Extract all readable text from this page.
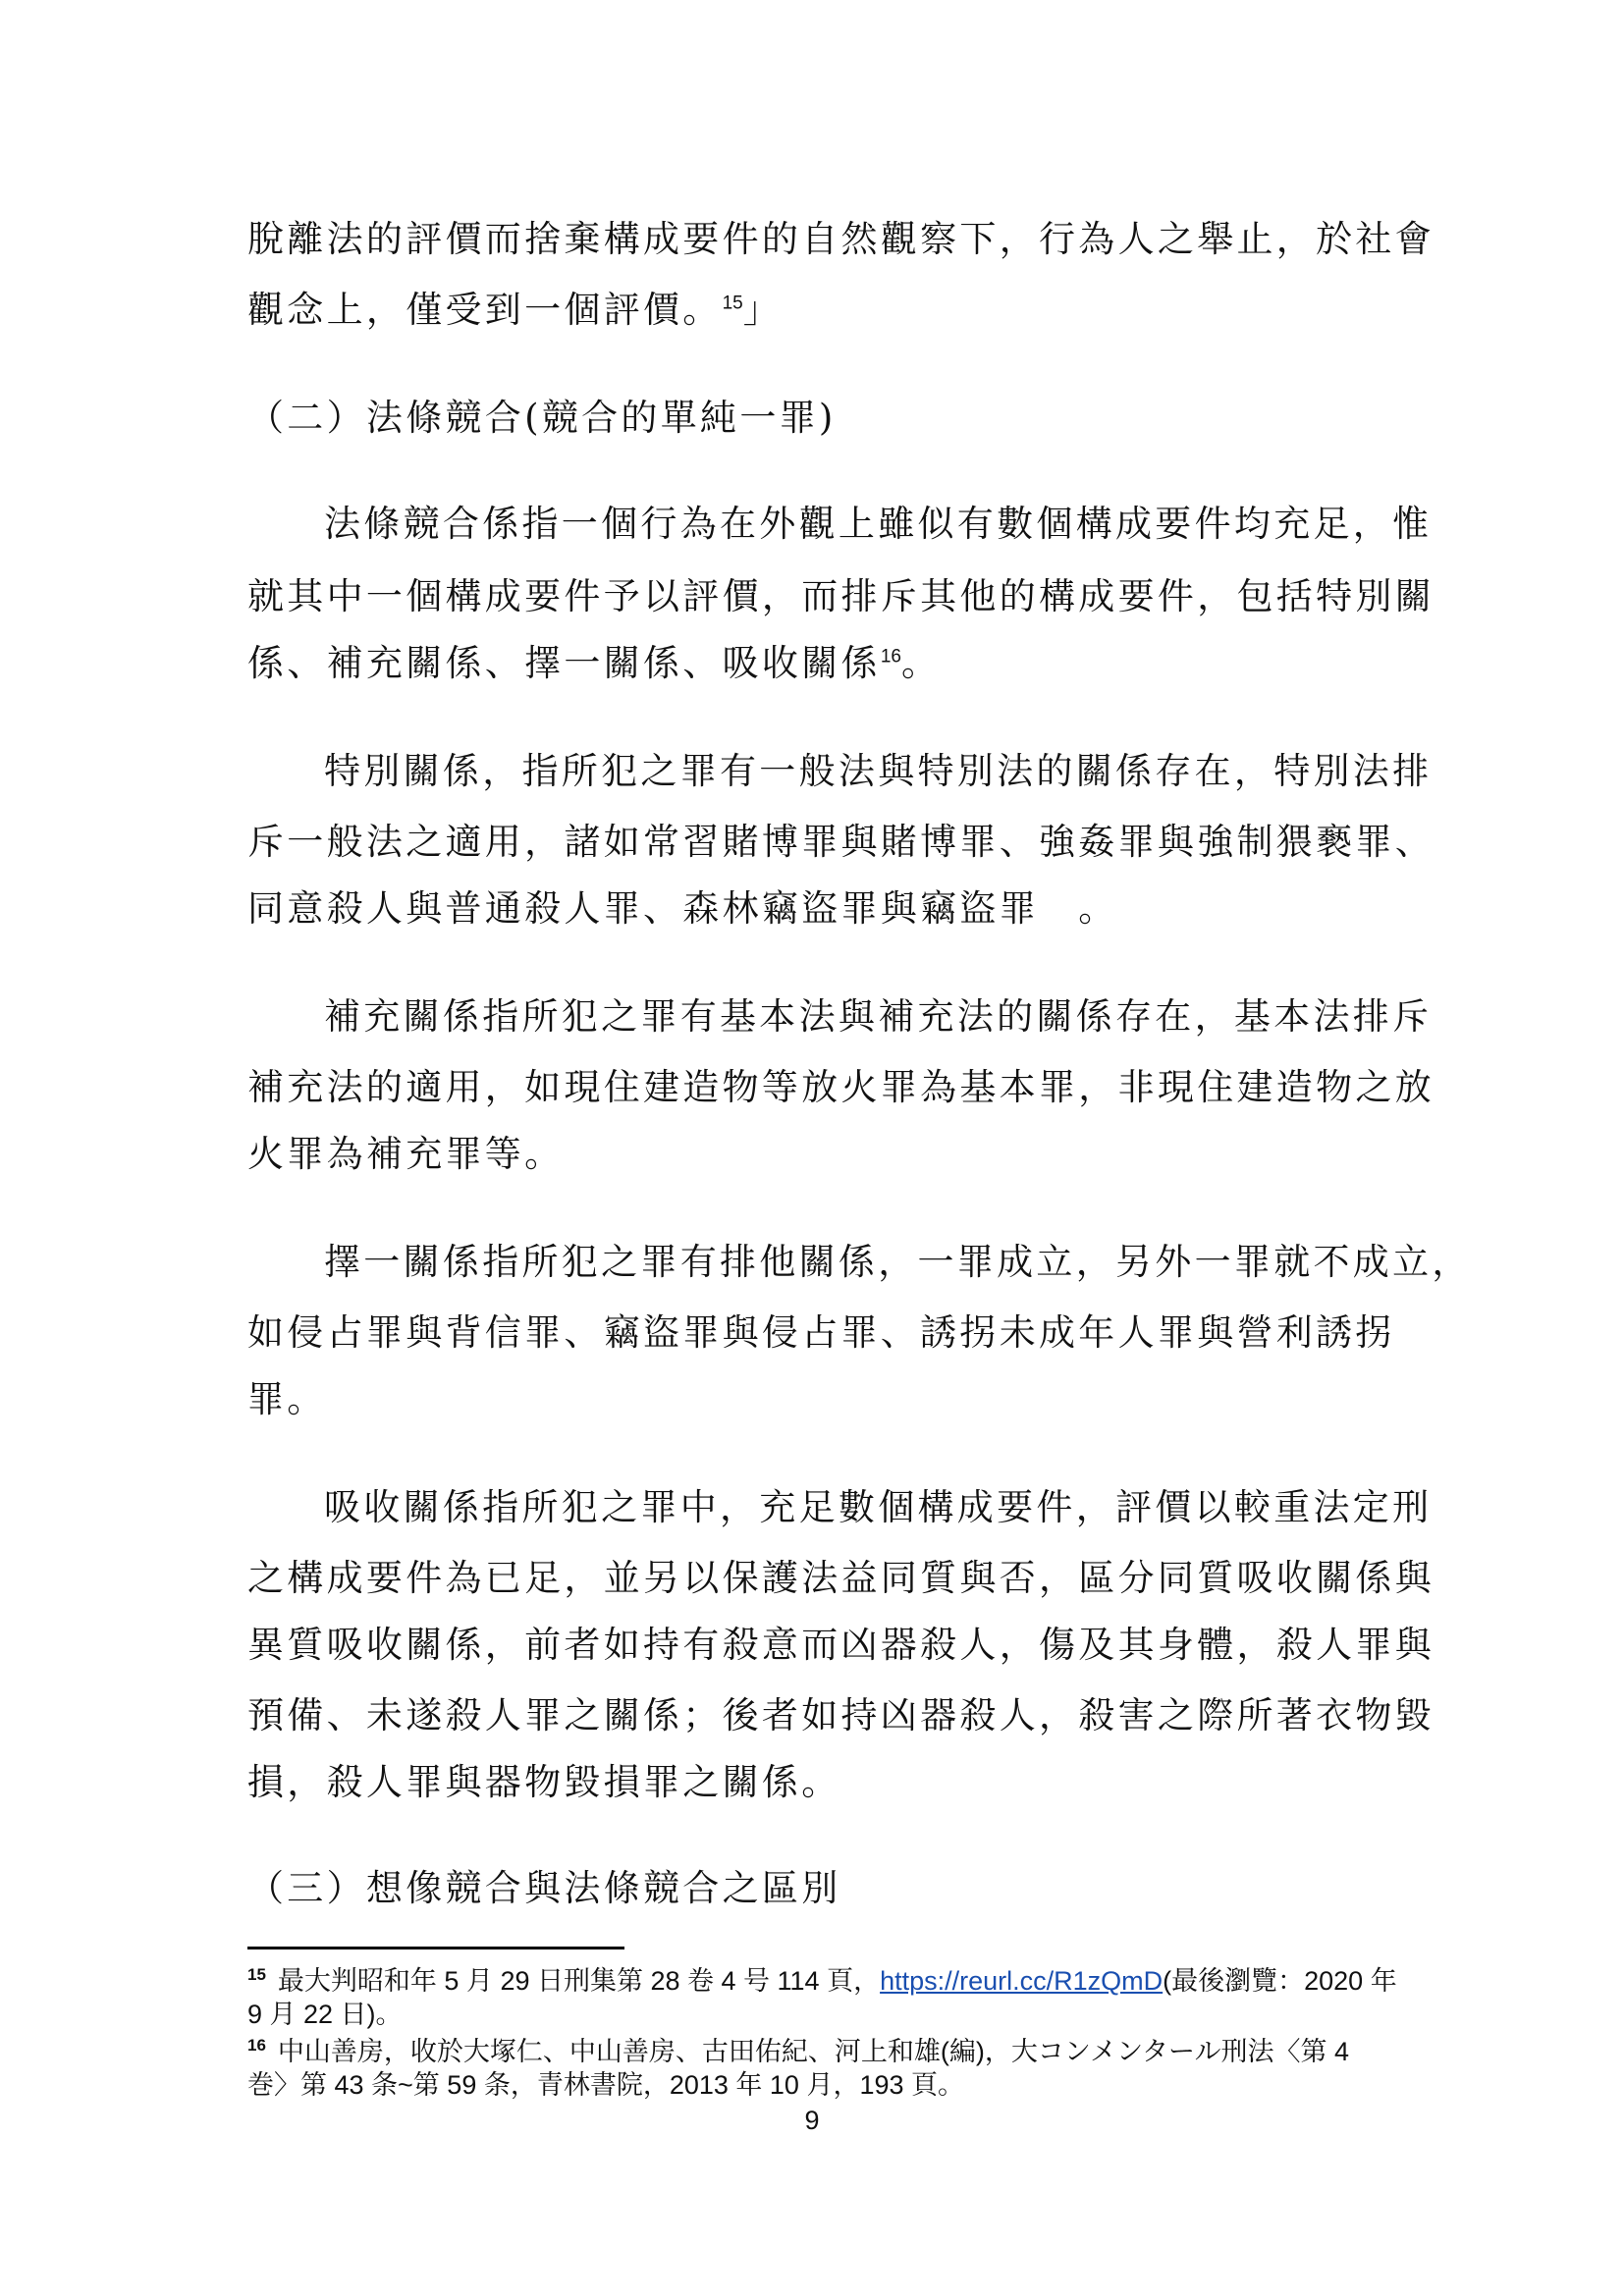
脫離法的評價而捨棄構成要件的自然觀察下，行為人之舉止，於社會

觀念上，僅受到一個評價。$^{15}$」

（二）法條競合(競合的單純一罪)

法條競合係指一個行為在外觀上雖似有數個構成要件均充足，惟

就其中一個構成要件予以評價，而排斥其他的構成要件，包括特別關

係、補充關係、擇一關係、吸收關係$^{16}$。

特別關係，指所犯之罪有一般法與特別法的關係存在，特別法排

斥一般法之適用，諸如常習賭博罪與賭博罪、強姦罪與強制猥褻罪、

同意殺人與普通殺人罪、森林竊盜罪與竊盜罪　。

補充關係指所犯之罪有基本法與補充法的關係存在，基本法排斥

補充法的適用，如現住建造物等放火罪為基本罪，非現住建造物之放

火罪為補充罪等。

擇一關係指所犯之罪有排他關係，一罪成立，另外一罪就不成立，

如侵占罪與背信罪、竊盜罪與侵占罪、誘拐未成年人罪與營利誘拐

罪。

吸收關係指所犯之罪中，充足數個構成要件，評價以較重法定刑

之構成要件為已足，並另以保護法益同質與否，區分同質吸收關係與

異質吸收關係，前者如持有殺意而凶器殺人，傷及其身體，殺人罪與

預備、未遂殺人罪之關係；後者如持凶器殺人，殺害之際所著衣物毀

損，殺人罪與器物毀損罪之關係。

（三）想像競合與法條競合之區別

$^{15}$ 最大判昭和年 5 月 29 日刑集第 28 卷 4 号 114 頁，https://reurl.cc/R1zQmD(最後瀏覽：2020 年

9 月 22 日)。

$^{16}$ 中山善房，收於大塚仁、中山善房、古田佑紀、河上和雄(編)，大コンメンタール刑法〈第 4

巻〉第 43 条~第 59 条，青林書院，2013 年 10 月，193 頁。

9
